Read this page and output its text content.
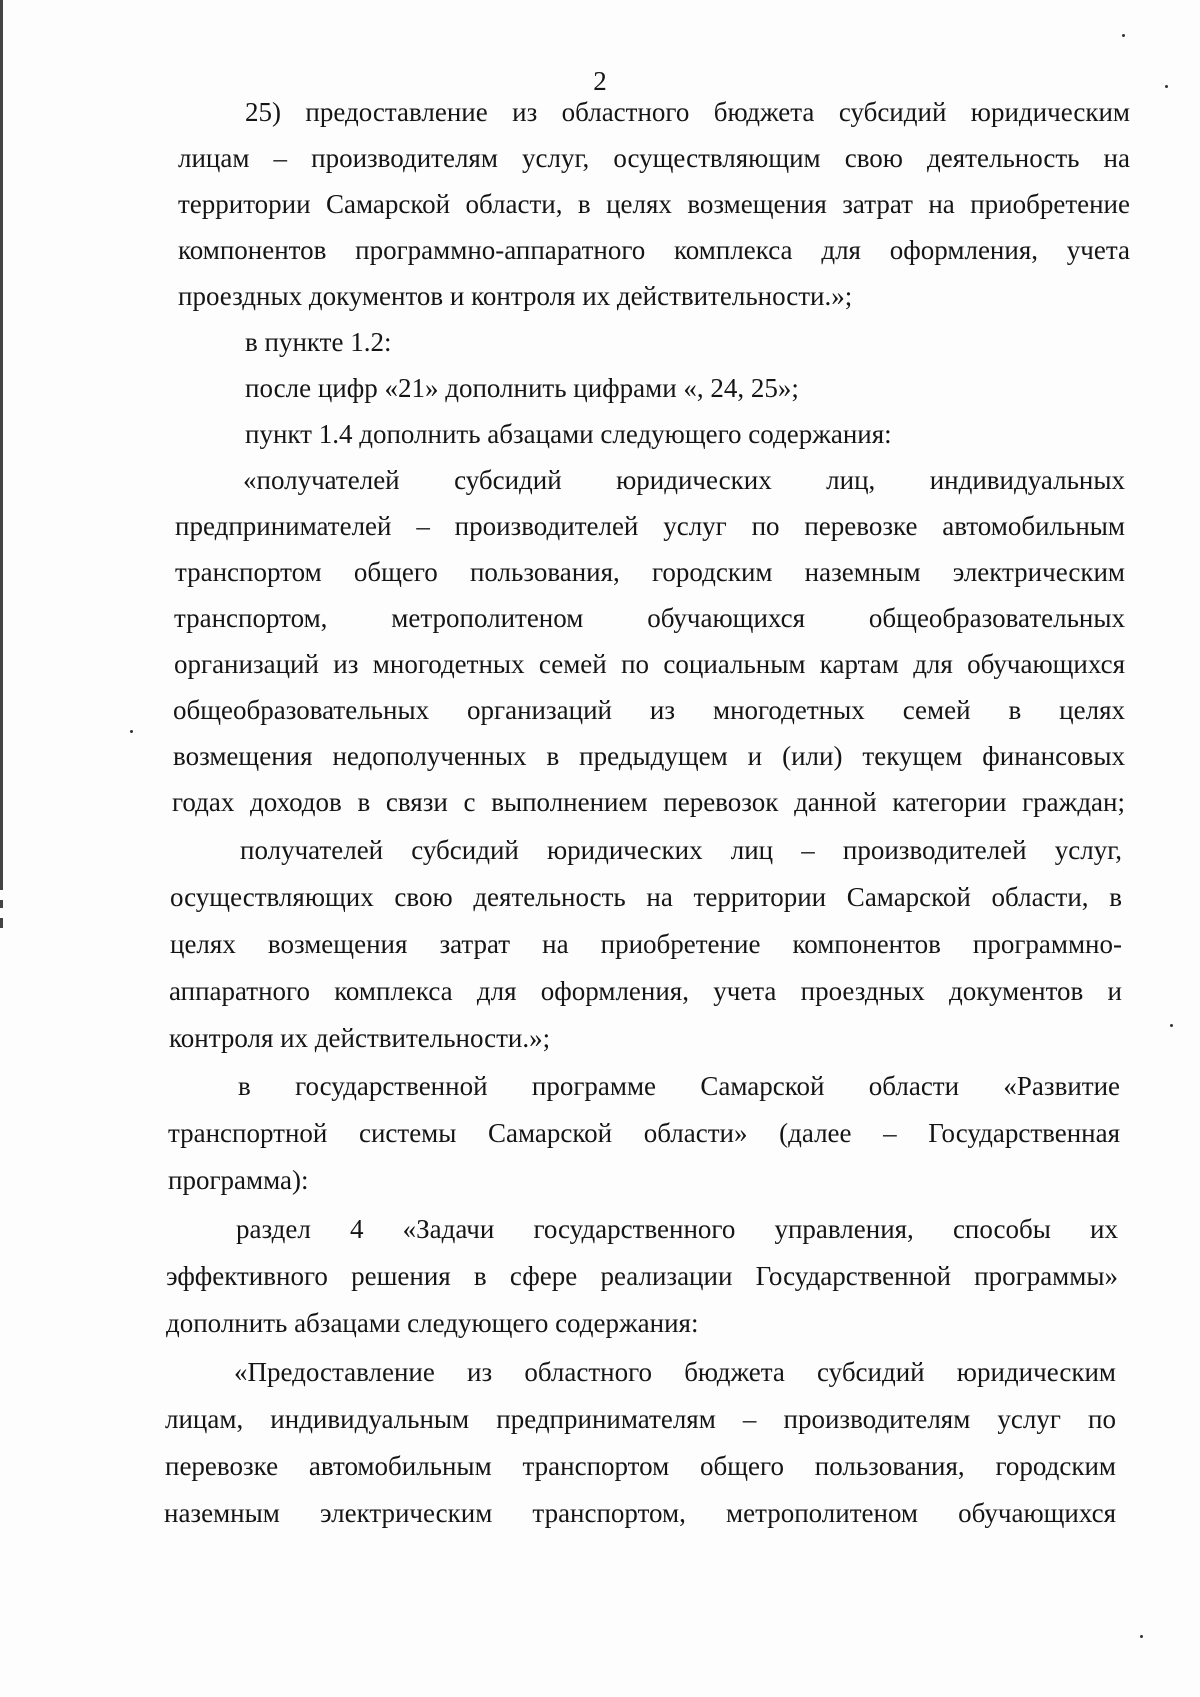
2

25) предоставление из областного бюджета субсидий юридическим

лицам – производителям услуг, осуществляющим свою деятельность на

территории Самарской области, в целях возмещения затрат на приобретение

компонентов программно-аппаратного комплекса для оформления, учета

проездных документов и контроля их действительности.»;

в пункте 1.2:

после цифр «21» дополнить цифрами «, 24, 25»;

пункт 1.4 дополнить абзацами следующего содержания:

«получателей субсидий юридических лиц, индивидуальных

предпринимателей – производителей услуг по перевозке автомобильным

транспортом общего пользования, городским наземным электрическим

транспортом, метрополитеном обучающихся общеобразовательных

организаций из многодетных семей по социальным картам для обучающихся

общеобразовательных организаций из многодетных семей в целях

возмещения недополученных в предыдущем и (или) текущем финансовых

годах доходов в связи с выполнением перевозок данной категории граждан;

получателей субсидий юридических лиц – производителей услуг,

осуществляющих свою деятельность на территории Самарской области, в

целях возмещения затрат на приобретение компонентов программно-

аппаратного комплекса для оформления, учета проездных документов и

контроля их действительности.»;

в государственной программе Самарской области «Развитие

транспортной системы Самарской области» (далее – Государственная

программа):

раздел 4 «Задачи государственного управления, способы их

эффективного решения в сфере реализации Государственной программы»

дополнить абзацами следующего содержания:

«Предоставление из областного бюджета субсидий юридическим

лицам, индивидуальным предпринимателям – производителям услуг по

перевозке автомобильным транспортом общего пользования, городским

наземным электрическим транспортом, метрополитеном обучающихся
